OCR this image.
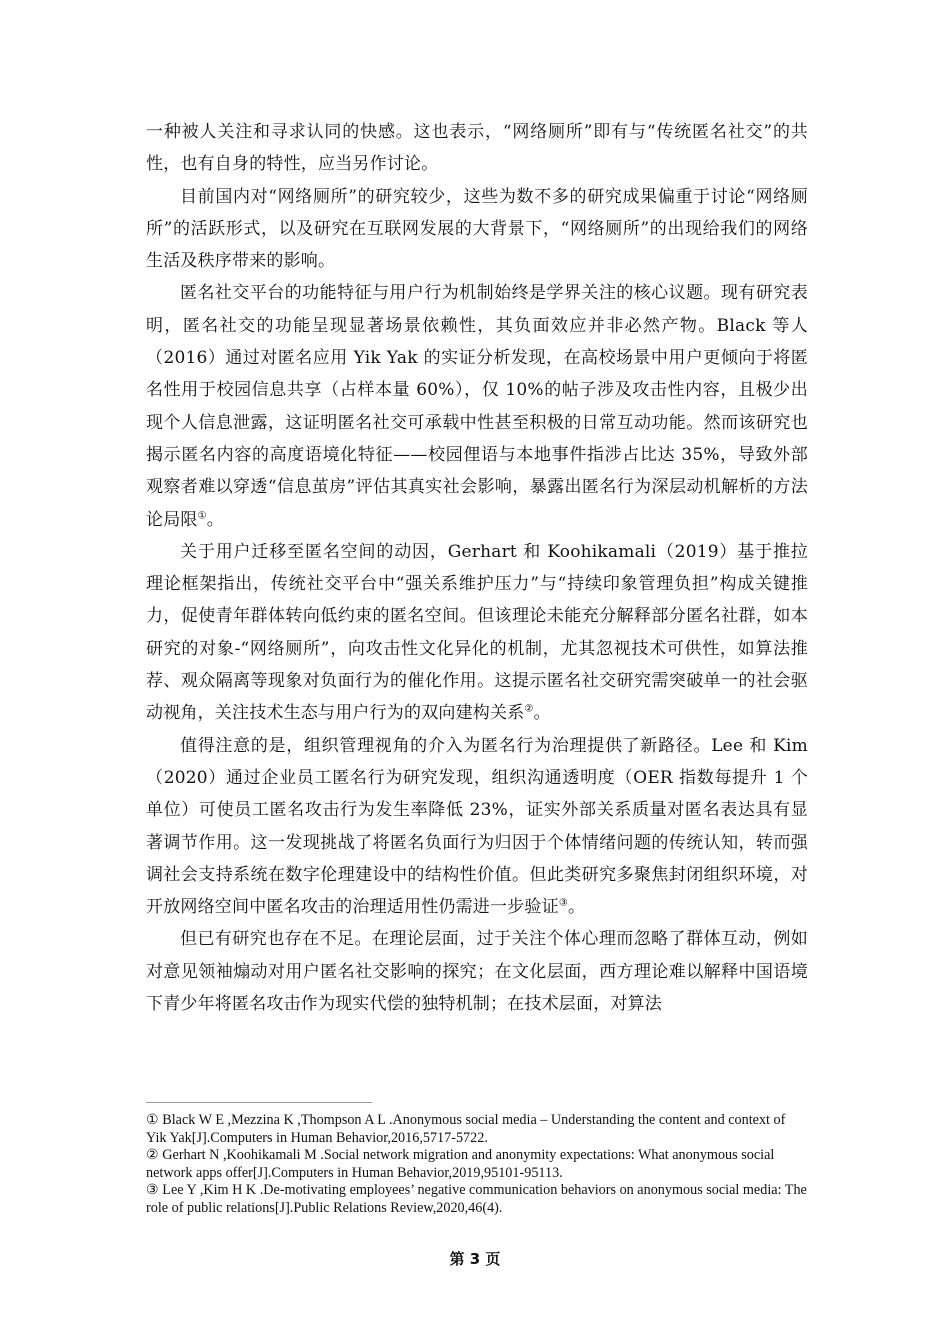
一种被人关注和寻求认同的快感。这也表示，“网络厕所”即有与“传统匿名社交”的共性，也有自身的特性，应当另作讨论。

目前国内对“网络厕所”的研究较少，这些为数不多的研究成果偏重于讨论“网络厕所”的活跃形式，以及研究在互联网发展的大背景下，“网络厕所”的出现给我们的网络生活及秩序带来的影响。

匿名社交平台的功能特征与用户行为机制始终是学界关注的核心议题。现有研究表明，匿名社交的功能呈现显著场景依赖性，其负面效应并非必然产物。Black 等人（2016）通过对匿名应用 Yik Yak 的实证分析发现，在高校场景中用户更倾向于将匿名性用于校园信息共享（占样本量 60%），仅 10%的帖子涉及攻击性内容，且极少出现个人信息泄露，这证明匿名社交可承载中性甚至积极的日常互动功能。然而该研究也揭示匿名内容的高度语境化特征——校园俚语与本地事件指涉占比达 35%，导致外部观察者难以穿透“信息茧房”评估其真实社会影响，暴露出匿名行为深层动机解析的方法论局限①。

关于用户迁移至匿名空间的动因，Gerhart 和 Koohikamali（2019）基于推拉理论框架指出，传统社交平台中“强关系维护压力”与“持续印象管理负担”构成关键推力，促使青年群体转向低约束的匿名空间。但该理论未能充分解释部分匿名社群，如本研究的对象-“网络厕所”，向攻击性文化异化的机制，尤其忽视技术可供性，如算法推荐、观众隔离等现象对负面行为的催化作用。这提示匿名社交研究需突破单一的社会驱动视角，关注技术生态与用户行为的双向建构关系②。

值得注意的是，组织管理视角的介入为匿名行为治理提供了新路径。Lee 和 Kim（2020）通过企业员工匿名行为研究发现，组织沟通透明度（OER 指数每提升 1 个单位）可使员工匿名攻击行为发生率降低 23%，证实外部关系质量对匿名表达具有显著调节作用。这一发现挑战了将匿名负面行为归因于个体情绪问题的传统认知，转而强调社会支持系统在数字伦理建设中的结构性价值。但此类研究多聚焦封闭组织环境，对开放网络空间中匿名攻击的治理适用性仍需进一步验证③。

但已有研究也存在不足。在理论层面，过于关注个体心理而忽略了群体互动，例如对意见领袖煽动对用户匿名社交影响的探究；在文化层面，西方理论难以解释中国语境下青少年将匿名攻击作为现实代偿的独特机制；在技术层面，对算法

① Black W E ,Mezzina K ,Thompson A L .Anonymous social media – Understanding the content and context of Yik Yak[J].Computers in Human Behavior,2016,5717-5722.

② Gerhart N ,Koohikamali M .Social network migration and anonymity expectations: What anonymous social network apps offer[J].Computers in Human Behavior,2019,95101-95113.

③ Lee Y ,Kim H K .De-motivating employees’ negative communication behaviors on anonymous social media: The role of public relations[J].Public Relations Review,2020,46(4).

第 3 页
